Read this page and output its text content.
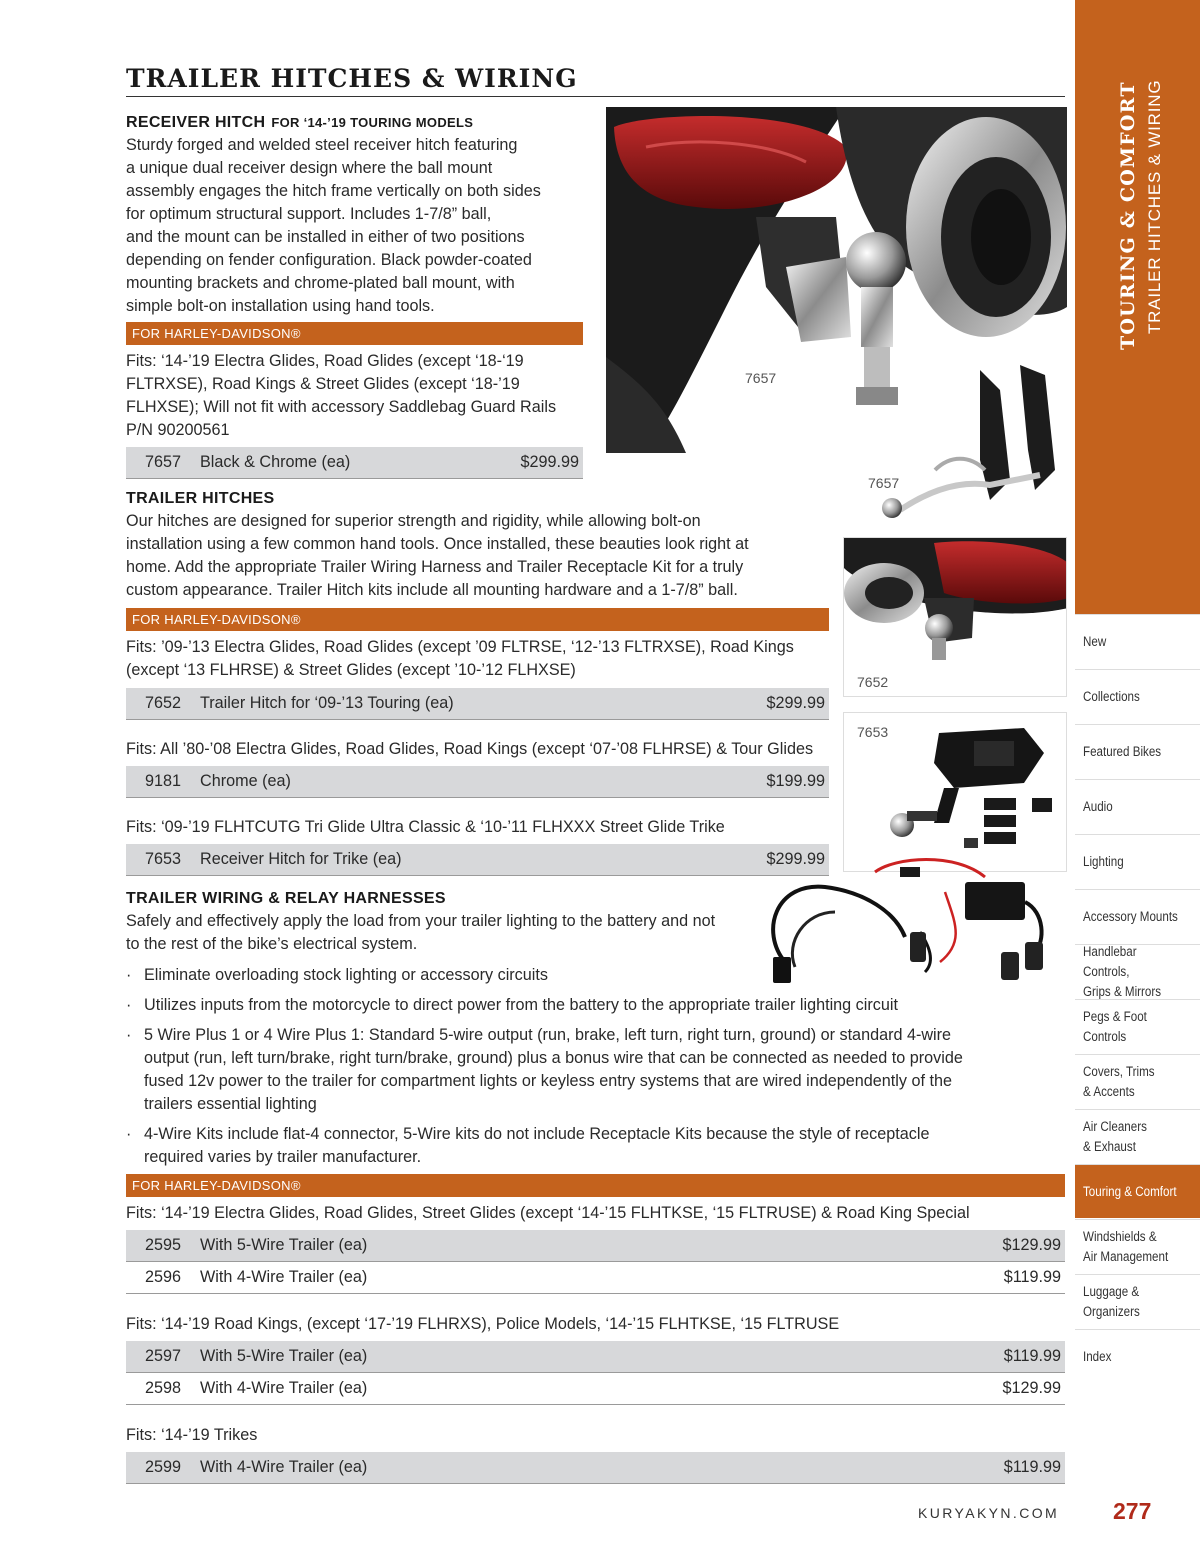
TOURING & COMFORT TRAILER HITCHES & WIRING
New
Collections
Featured Bikes
Audio
Lighting
Accessory Mounts
Handlebar Controls,
Grips & Mirrors
Pegs & Foot Controls
Covers, Trims
& Accents
Air Cleaners
& Exhaust
Touring & Comfort
Windshields &
Air Management
Luggage &
Organizers
Index
TRAILER HITCHES & WIRING
RECEIVER HITCH FOR ‘14-’19 TOURING MODELS
Sturdy forged and welded steel receiver hitch featuring
a unique dual receiver design where the ball mount
assembly engages the hitch frame vertically on both sides
for optimum structural support. Includes 1-7/8” ball,
and the mount can be installed in either of two positions
depending on fender configuration. Black powder-coated
mounting brackets and chrome-plated ball mount, with
simple bolt-on installation using hand tools.
FOR HARLEY-DAVIDSON®
Fits: ‘14-’19 Electra Glides, Road Glides (except ‘18-‘19
FLTRXSE), Road Kings & Street Glides (except ‘18-’19
FLHXSE); Will not fit with accessory Saddlebag Guard Rails
P/N 90200561
7657	Black & Chrome (ea)	$299.99
7657
7657
7652
7653
TRAILER HITCHES
Our hitches are designed for superior strength and rigidity, while allowing bolt-on
installation using a few common hand tools. Once installed, these beauties look right at
home. Add the appropriate Trailer Wiring Harness and Trailer Receptacle Kit for a truly
custom appearance. Trailer Hitch kits include all mounting hardware and a 1-7/8” ball.
FOR HARLEY-DAVIDSON®
Fits: ’09-’13 Electra Glides, Road Glides (except ’09 FLTRSE, ‘12-’13 FLTRXSE), Road Kings
(except ‘13 FLHRSE) & Street Glides (except ’10-’12 FLHXSE)
7652	Trailer Hitch for ‘09-’13 Touring (ea)	$299.99
Fits: All ’80-’08 Electra Glides, Road Glides, Road Kings (except ‘07-’08 FLHRSE) & Tour Glides
9181	Chrome (ea)	$199.99
Fits: ‘09-’19 FLHTCUTG Tri Glide Ultra Classic & ‘10-’11 FLHXXX Street Glide Trike
7653	Receiver Hitch for Trike (ea)	$299.99
TRAILER WIRING & RELAY HARNESSES
Safely and effectively apply the load from your trailer lighting to the battery and not
to the rest of the bike’s electrical system.
· Eliminate overloading stock lighting or accessory circuits
· Utilizes inputs from the motorcycle to direct power from the battery to the appropriate trailer lighting circuit
· 5 Wire Plus 1 or 4 Wire Plus 1: Standard 5-wire output (run, brake, left turn, right turn, ground) or standard 4-wire
output (run, left turn/brake, right turn/brake, ground) plus a bonus wire that can be connected as needed to provide
fused 12v power to the trailer for compartment lights or keyless entry systems that are wired independently of the
trailers essential lighting
· 4-Wire Kits include flat-4 connector, 5-Wire kits do not include Receptacle Kits because the style of receptacle
required varies by trailer manufacturer.
FOR HARLEY-DAVIDSON®
Fits: ‘14-’19 Electra Glides, Road Glides, Street Glides (except ‘14-’15 FLHTKSE, ‘15 FLTRUSE) & Road King Special
2595	With 5-Wire Trailer (ea)	$129.99
2596	With 4-Wire Trailer (ea)	$119.99
Fits: ‘14-’19 Road Kings, (except ‘17-’19 FLHRXS), Police Models, ‘14-’15 FLHTKSE, ‘15 FLTRUSE
2597	With 5-Wire Trailer (ea)	$119.99
2598	With 4-Wire Trailer (ea)	$129.99
Fits: ‘14-’19 Trikes
2599	With 4-Wire Trailer (ea)	$119.99
KURYAKYN.COM 277
